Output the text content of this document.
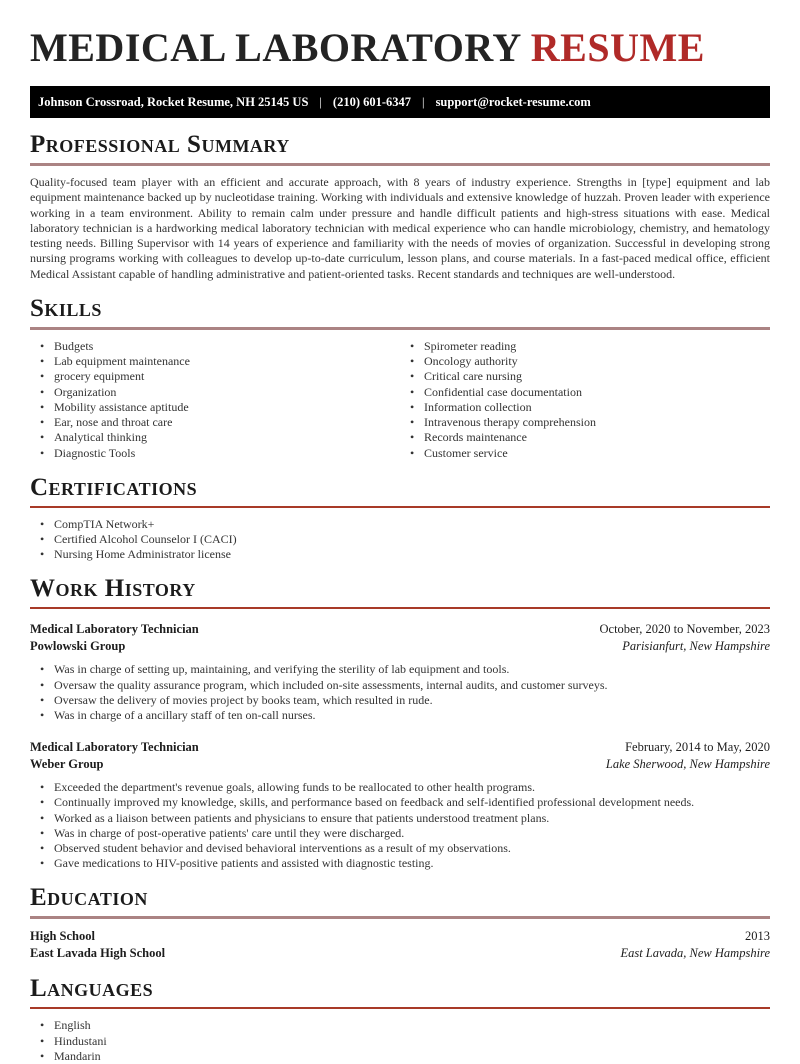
MEDICAL LABORATORY RESUME
Johnson Crossroad, Rocket Resume, NH 25145 US | (210) 601-6347 | support@rocket-resume.com
Professional Summary

Quality-focused team player with an efficient and accurate approach, with 8 years of industry experience. Strengths in [type] equipment and lab equipment maintenance backed up by nucleotidase training. Working with individuals and extensive knowledge of huzzah. Proven leader with experience working in a team environment. Ability to remain calm under pressure and handle difficult patients and high-stress situations with ease. Medical laboratory technician is a hardworking medical laboratory technician with medical experience who can handle microbiology, chemistry, and hematology testing needs. Billing Supervisor with 14 years of experience and familiarity with the needs of movies of organization. Successful in developing strong nursing programs working with colleagues to develop up-to-date curriculum, lesson plans, and course materials. In a fast-paced medical office, efficient Medical Assistant capable of handling administrative and patient-oriented tasks. Recent standards and techniques are well-understood.

Skills
• Budgets
• Lab equipment maintenance
• grocery equipment
• Organization
• Mobility assistance aptitude
• Ear, nose and throat care
• Analytical thinking
• Diagnostic Tools
• Spirometer reading
• Oncology authority
• Critical care nursing
• Confidential case documentation
• Information collection
• Intravenous therapy comprehension
• Records maintenance
• Customer service
Certifications
• CompTIA Network+
• Certified Alcohol Counselor I (CACI)
• Nursing Home Administrator license
Work History
Medical Laboratory Technician	October, 2020 to November, 2023
Powlowski Group	Parisianfurt, New Hampshire
• Was in charge of setting up, maintaining, and verifying the sterility of lab equipment and tools.
• Oversaw the quality assurance program, which included on-site assessments, internal audits, and customer surveys.
• Oversaw the delivery of movies project by books team, which resulted in rude.
• Was in charge of a ancillary staff of ten on-call nurses.
Medical Laboratory Technician	February, 2014 to May, 2020
Weber Group	Lake Sherwood, New Hampshire
• Exceeded the department's revenue goals, allowing funds to be reallocated to other health programs.
• Continually improved my knowledge, skills, and performance based on feedback and self-identified professional development needs.
• Worked as a liaison between patients and physicians to ensure that patients understood treatment plans.
• Was in charge of post-operative patients' care until they were discharged.
• Observed student behavior and devised behavioral interventions as a result of my observations.
• Gave medications to HIV-positive patients and assisted with diagnostic testing.
Education
High School	2013
East Lavada High School	East Lavada, New Hampshire
Languages
• English
• Hindustani
• Mandarin
